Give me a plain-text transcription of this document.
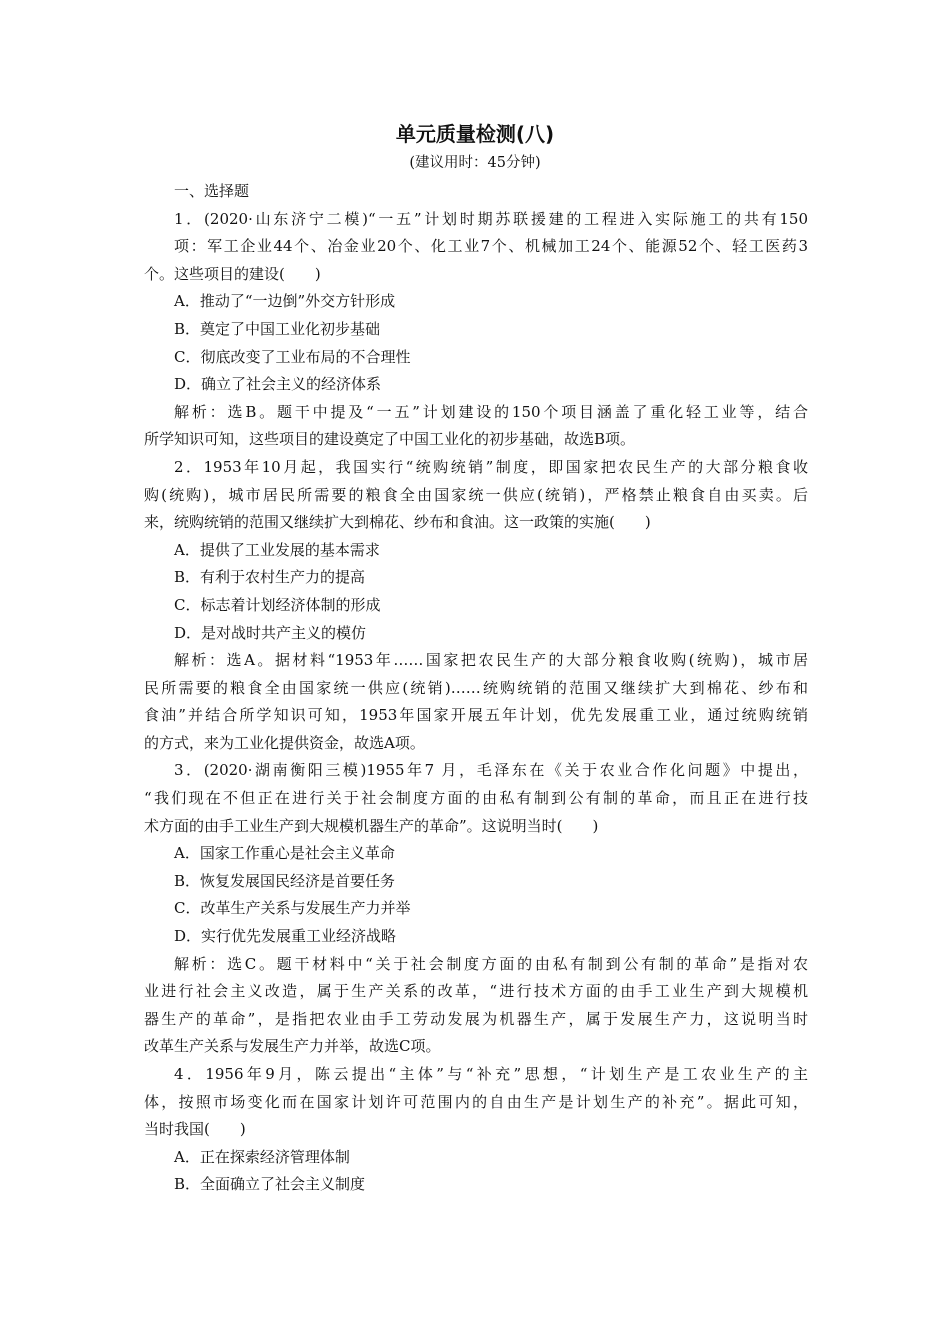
单元质量检测(八)
(建议用时：45分钟)
一、选择题
1．(2020·山东济宁二模)“一五”计划时期苏联援建的工程进入实际施工的共有150
项：军工企业44个、冶金业20个、化工业7个、机械加工24个、能源52个、轻工医药3
个。这些项目的建设(　　)
A．推动了“一边倒”外交方针形成
B．奠定了中国工业化初步基础
C．彻底改变了工业布局的不合理性
D．确立了社会主义的经济体系
解析：选B。题干中提及“一五”计划建设的150个项目涵盖了重化轻工业等，结合
所学知识可知，这些项目的建设奠定了中国工业化的初步基础，故选B项。
2．1953年10月起，我国实行“统购统销”制度，即国家把农民生产的大部分粮食收
购(统购)，城市居民所需要的粮食全由国家统一供应(统销)，严格禁止粮食自由买卖。后
来，统购统销的范围又继续扩大到棉花、纱布和食油。这一政策的实施(　　)
A．提供了工业发展的基本需求
B．有利于农村生产力的提高
C．标志着计划经济体制的形成
D．是对战时共产主义的模仿
解析：选A。据材料“1953年……国家把农民生产的大部分粮食收购(统购)，城市居
民所需要的粮食全由国家统一供应(统销)……统购统销的范围又继续扩大到棉花、纱布和
食油”并结合所学知识可知，1953年国家开展五年计划，优先发展重工业，通过统购统销
的方式，来为工业化提供资金，故选A项。
3．(2020·湖南衡阳三模)1955年7 月，毛泽东在《关于农业合作化问题》中提出，
“我们现在不但正在进行关于社会制度方面的由私有制到公有制的革命，而且正在进行技
术方面的由手工业生产到大规模机器生产的革命”。这说明当时(　　)
A．国家工作重心是社会主义革命
B．恢复发展国民经济是首要任务
C．改革生产关系与发展生产力并举
D．实行优先发展重工业经济战略
解析：选C。题干材料中“关于社会制度方面的由私有制到公有制的革命”是指对农
业进行社会主义改造，属于生产关系的改革，“进行技术方面的由手工业生产到大规模机
器生产的革命”，是指把农业由手工劳动发展为机器生产，属于发展生产力，这说明当时
改革生产关系与发展生产力并举，故选C项。
4．1956年9月，陈云提出“主体”与“补充”思想，“计划生产是工农业生产的主
体，按照市场变化而在国家计划许可范围内的自由生产是计划生产的补充”。据此可知，
当时我国(　　)
A．正在探索经济管理体制
B．全面确立了社会主义制度
